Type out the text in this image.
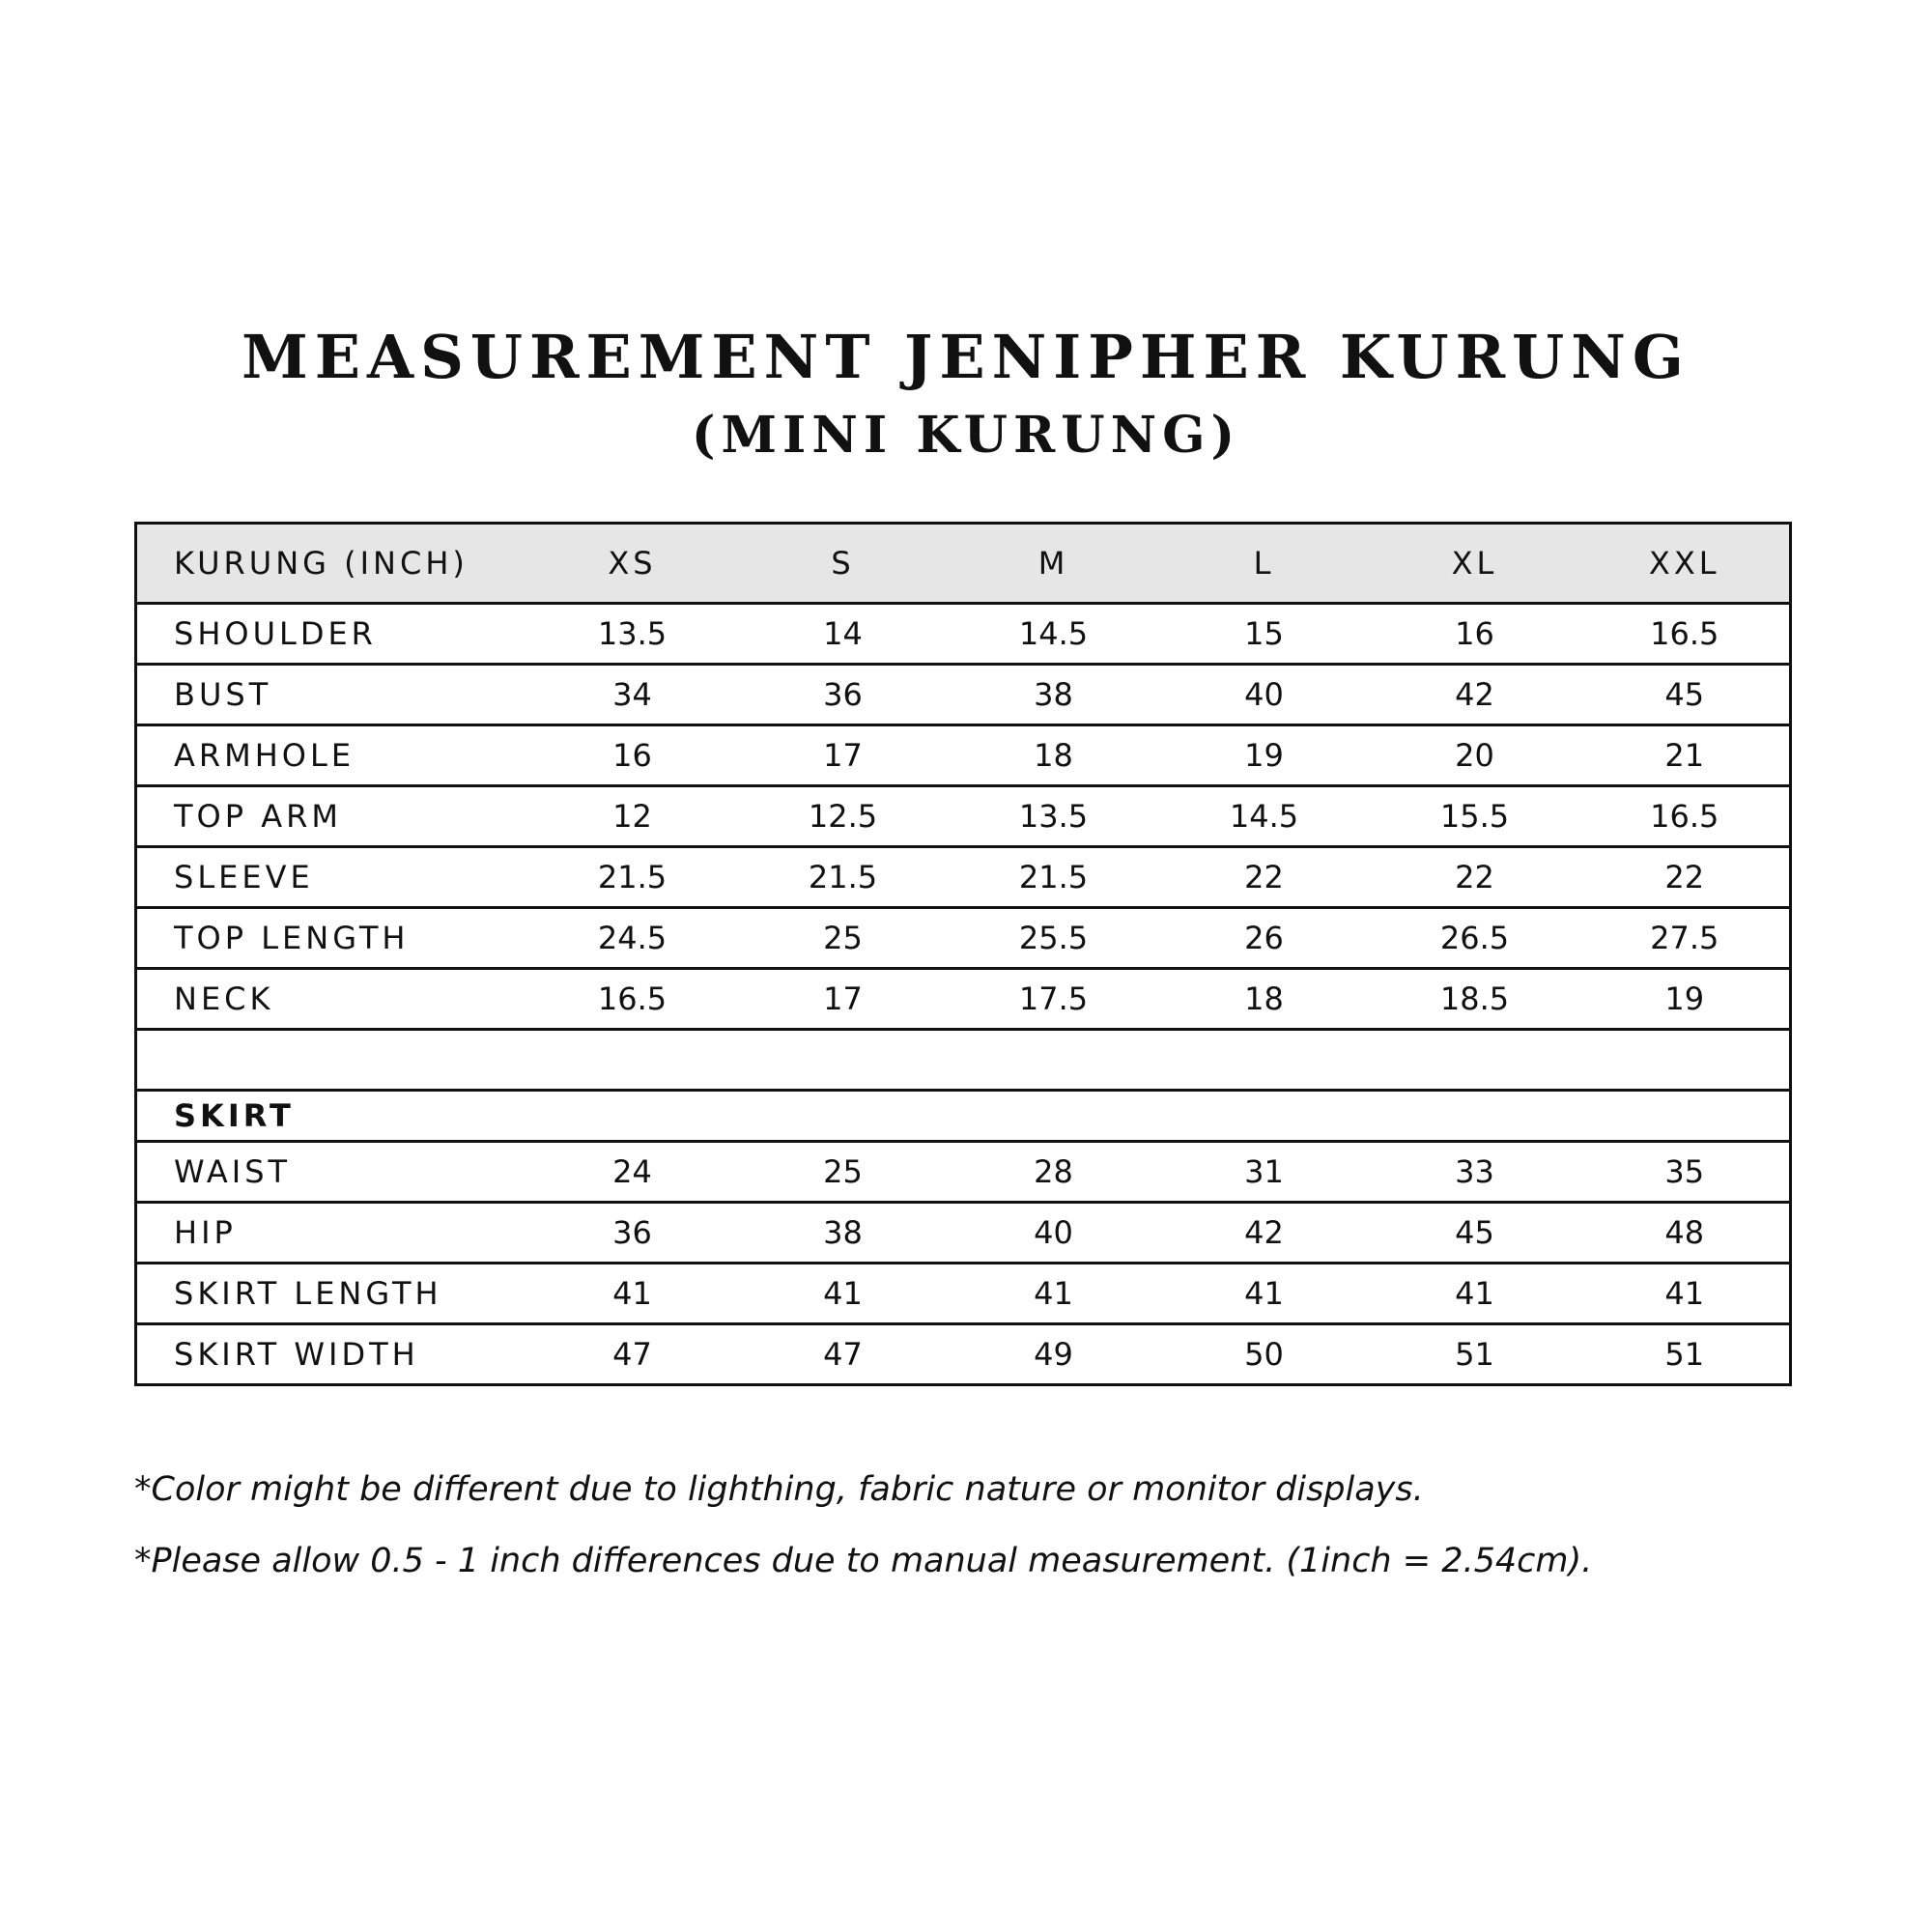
MEASUREMENT JENIPHER KURUNG
(MINI KURUNG)
KURUNG (INCH)	XS	S	M	L	XL	XXL
SHOULDER	13.5	14	14.5	15	16	16.5
BUST	34	36	38	40	42	45
ARMHOLE	16	17	18	19	20	21
TOP ARM	12	12.5	13.5	14.5	15.5	16.5
SLEEVE	21.5	21.5	21.5	22	22	22
TOP LENGTH	24.5	25	25.5	26	26.5	27.5
NECK	16.5	17	17.5	18	18.5	19

SKIRT						
WAIST	24	25	28	31	33	35
HIP	36	38	40	42	45	48
SKIRT LENGTH	41	41	41	41	41	41
SKIRT WIDTH	47	47	49	50	51	51
*Color might be different due to lighthing, fabric nature or monitor displays.
*Please allow 0.5 - 1 inch differences due to manual measurement. (1inch = 2.54cm).
